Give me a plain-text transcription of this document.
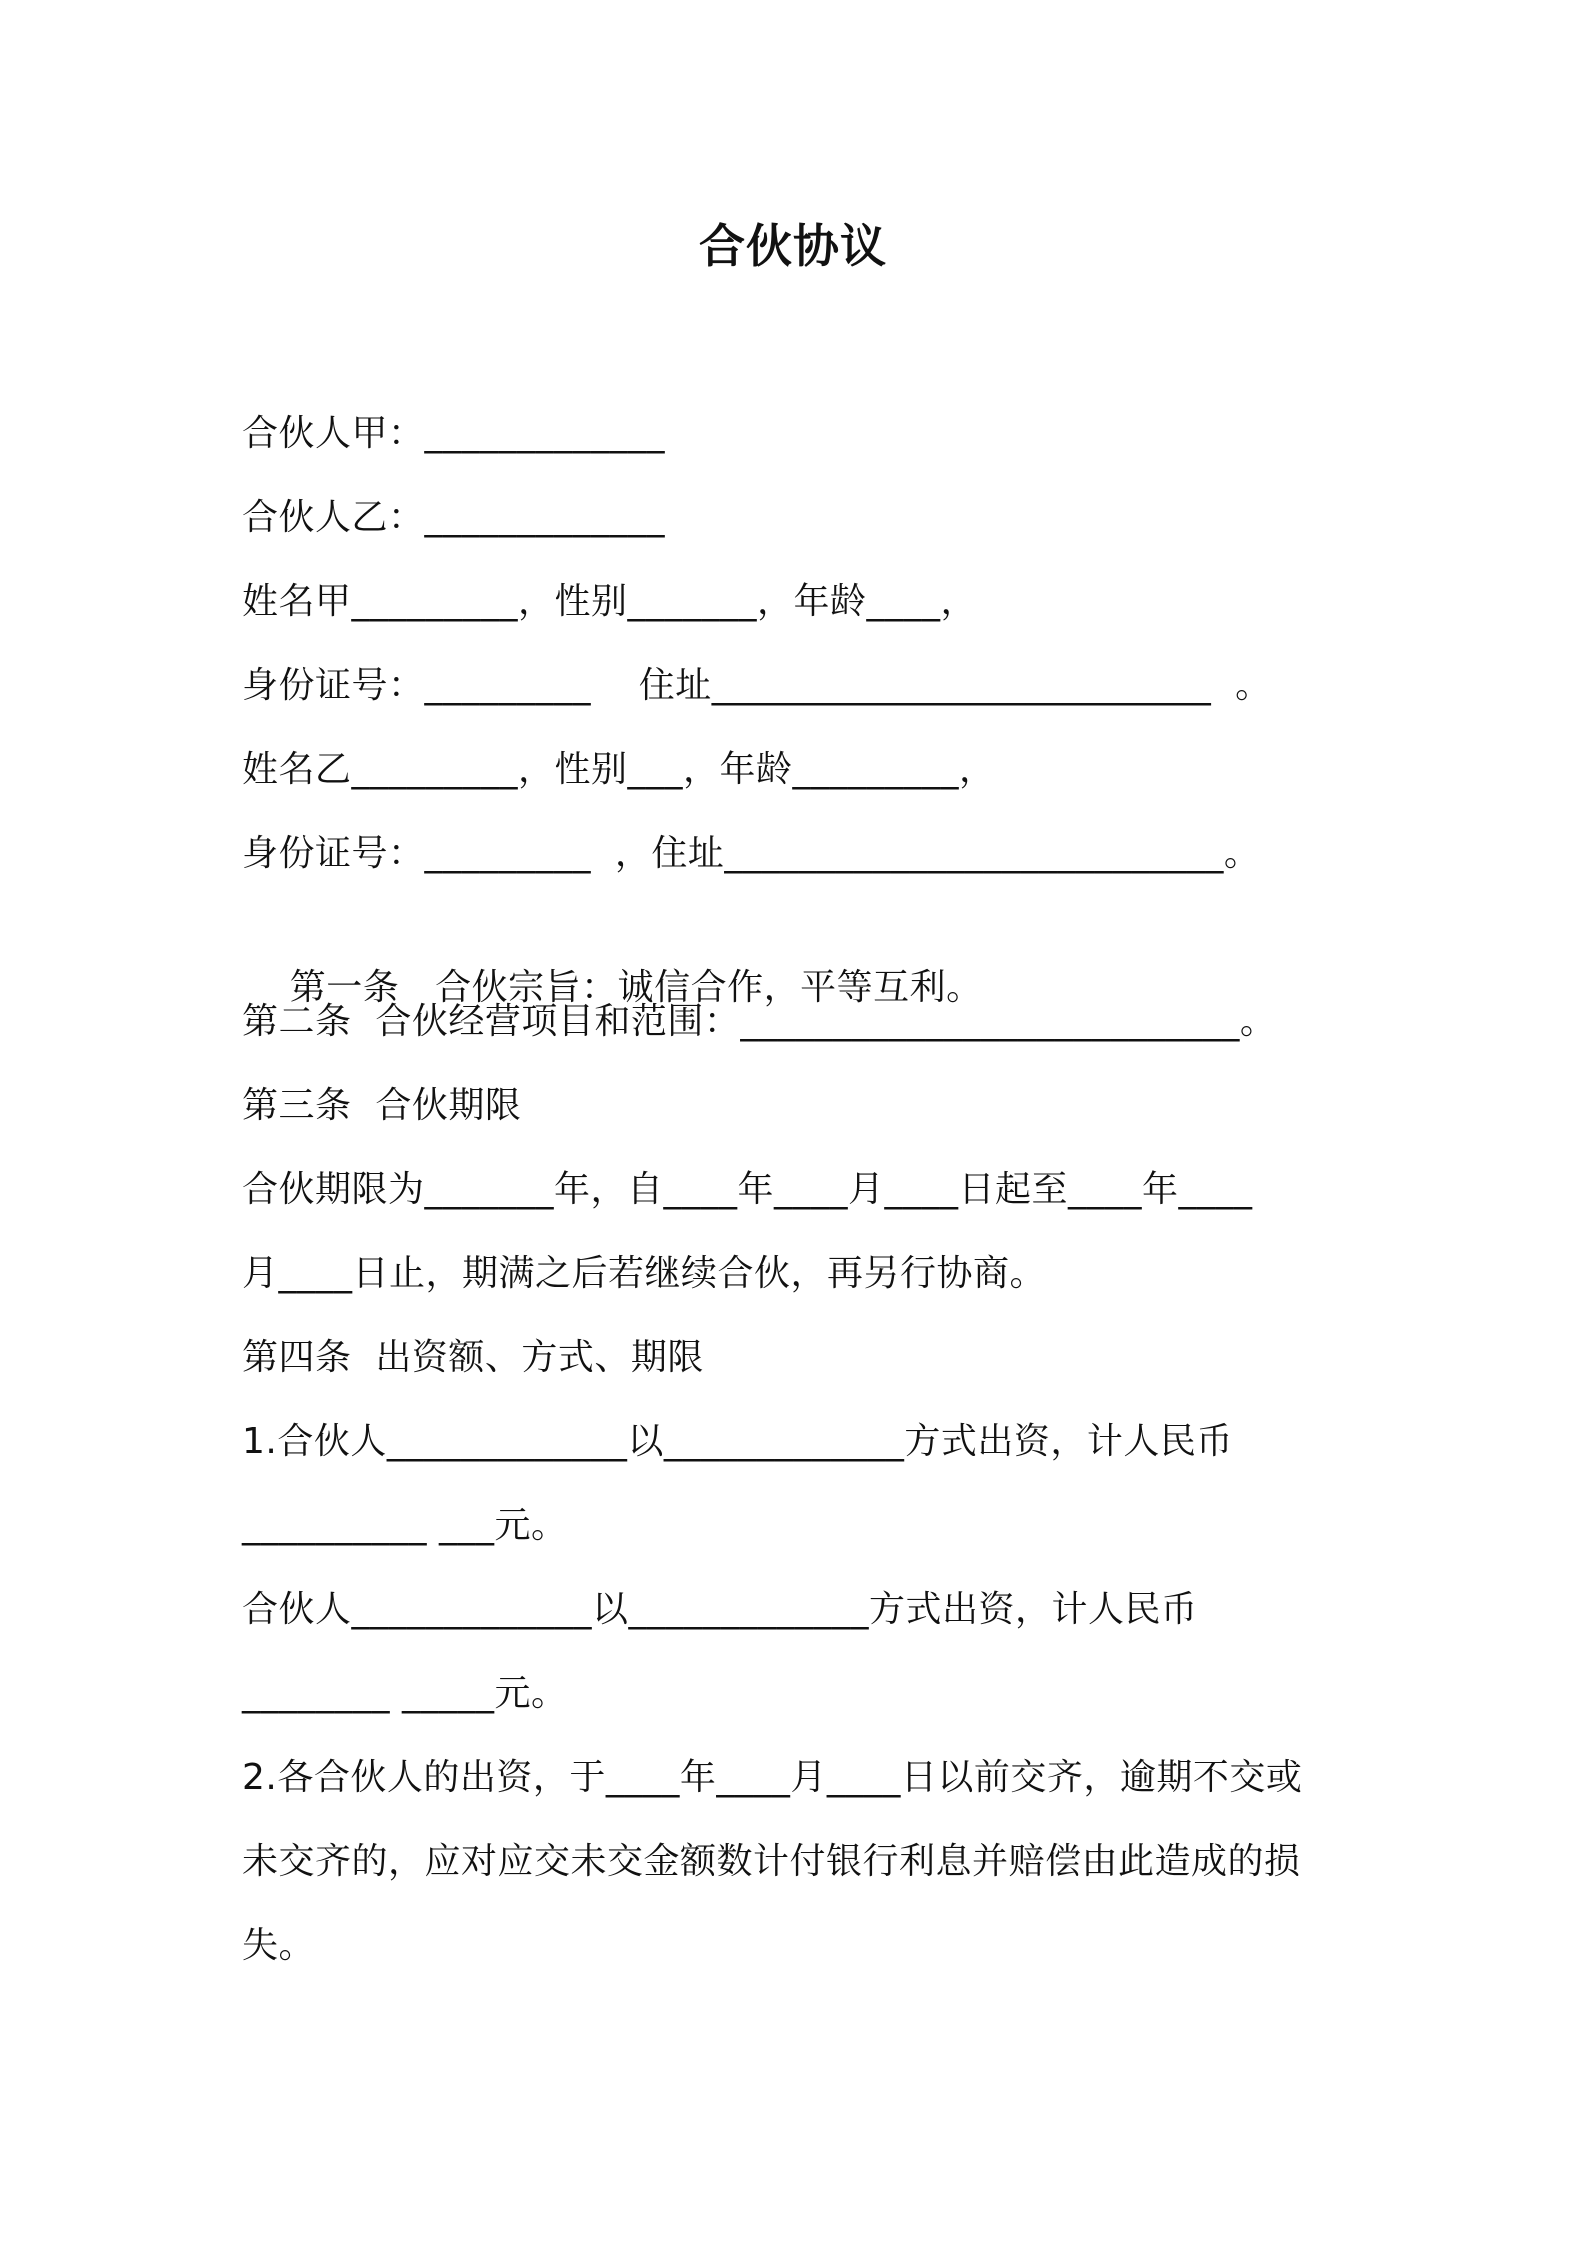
合伙协议
合伙人甲：_____________
合伙人乙：_____________
姓名甲_________，性别_______，年龄____，
身份证号：_________    住址___________________________  。
姓名乙_________，性别___，年龄_________，
身份证号：_________  ，住址___________________________。

第一条 合伙宗旨：诚信合作，平等互利。

第二条  合伙经营项目和范围：___________________________。
第三条  合伙期限
合伙期限为_______年，自____年____月____日起至____年____
月____日止，期满之后若继续合伙，再另行协商。
第四条  出资额、方式、期限
1.合伙人_____________以_____________方式出资，计人民币
__________ ___元。
合伙人_____________以_____________方式出资，计人民币
________ _____元。
2.各合伙人的出资，于____年____月____日以前交齐，逾期不交或
未交齐的，应对应交未交金额数计付银行利息并赔偿由此造成的损
失。
